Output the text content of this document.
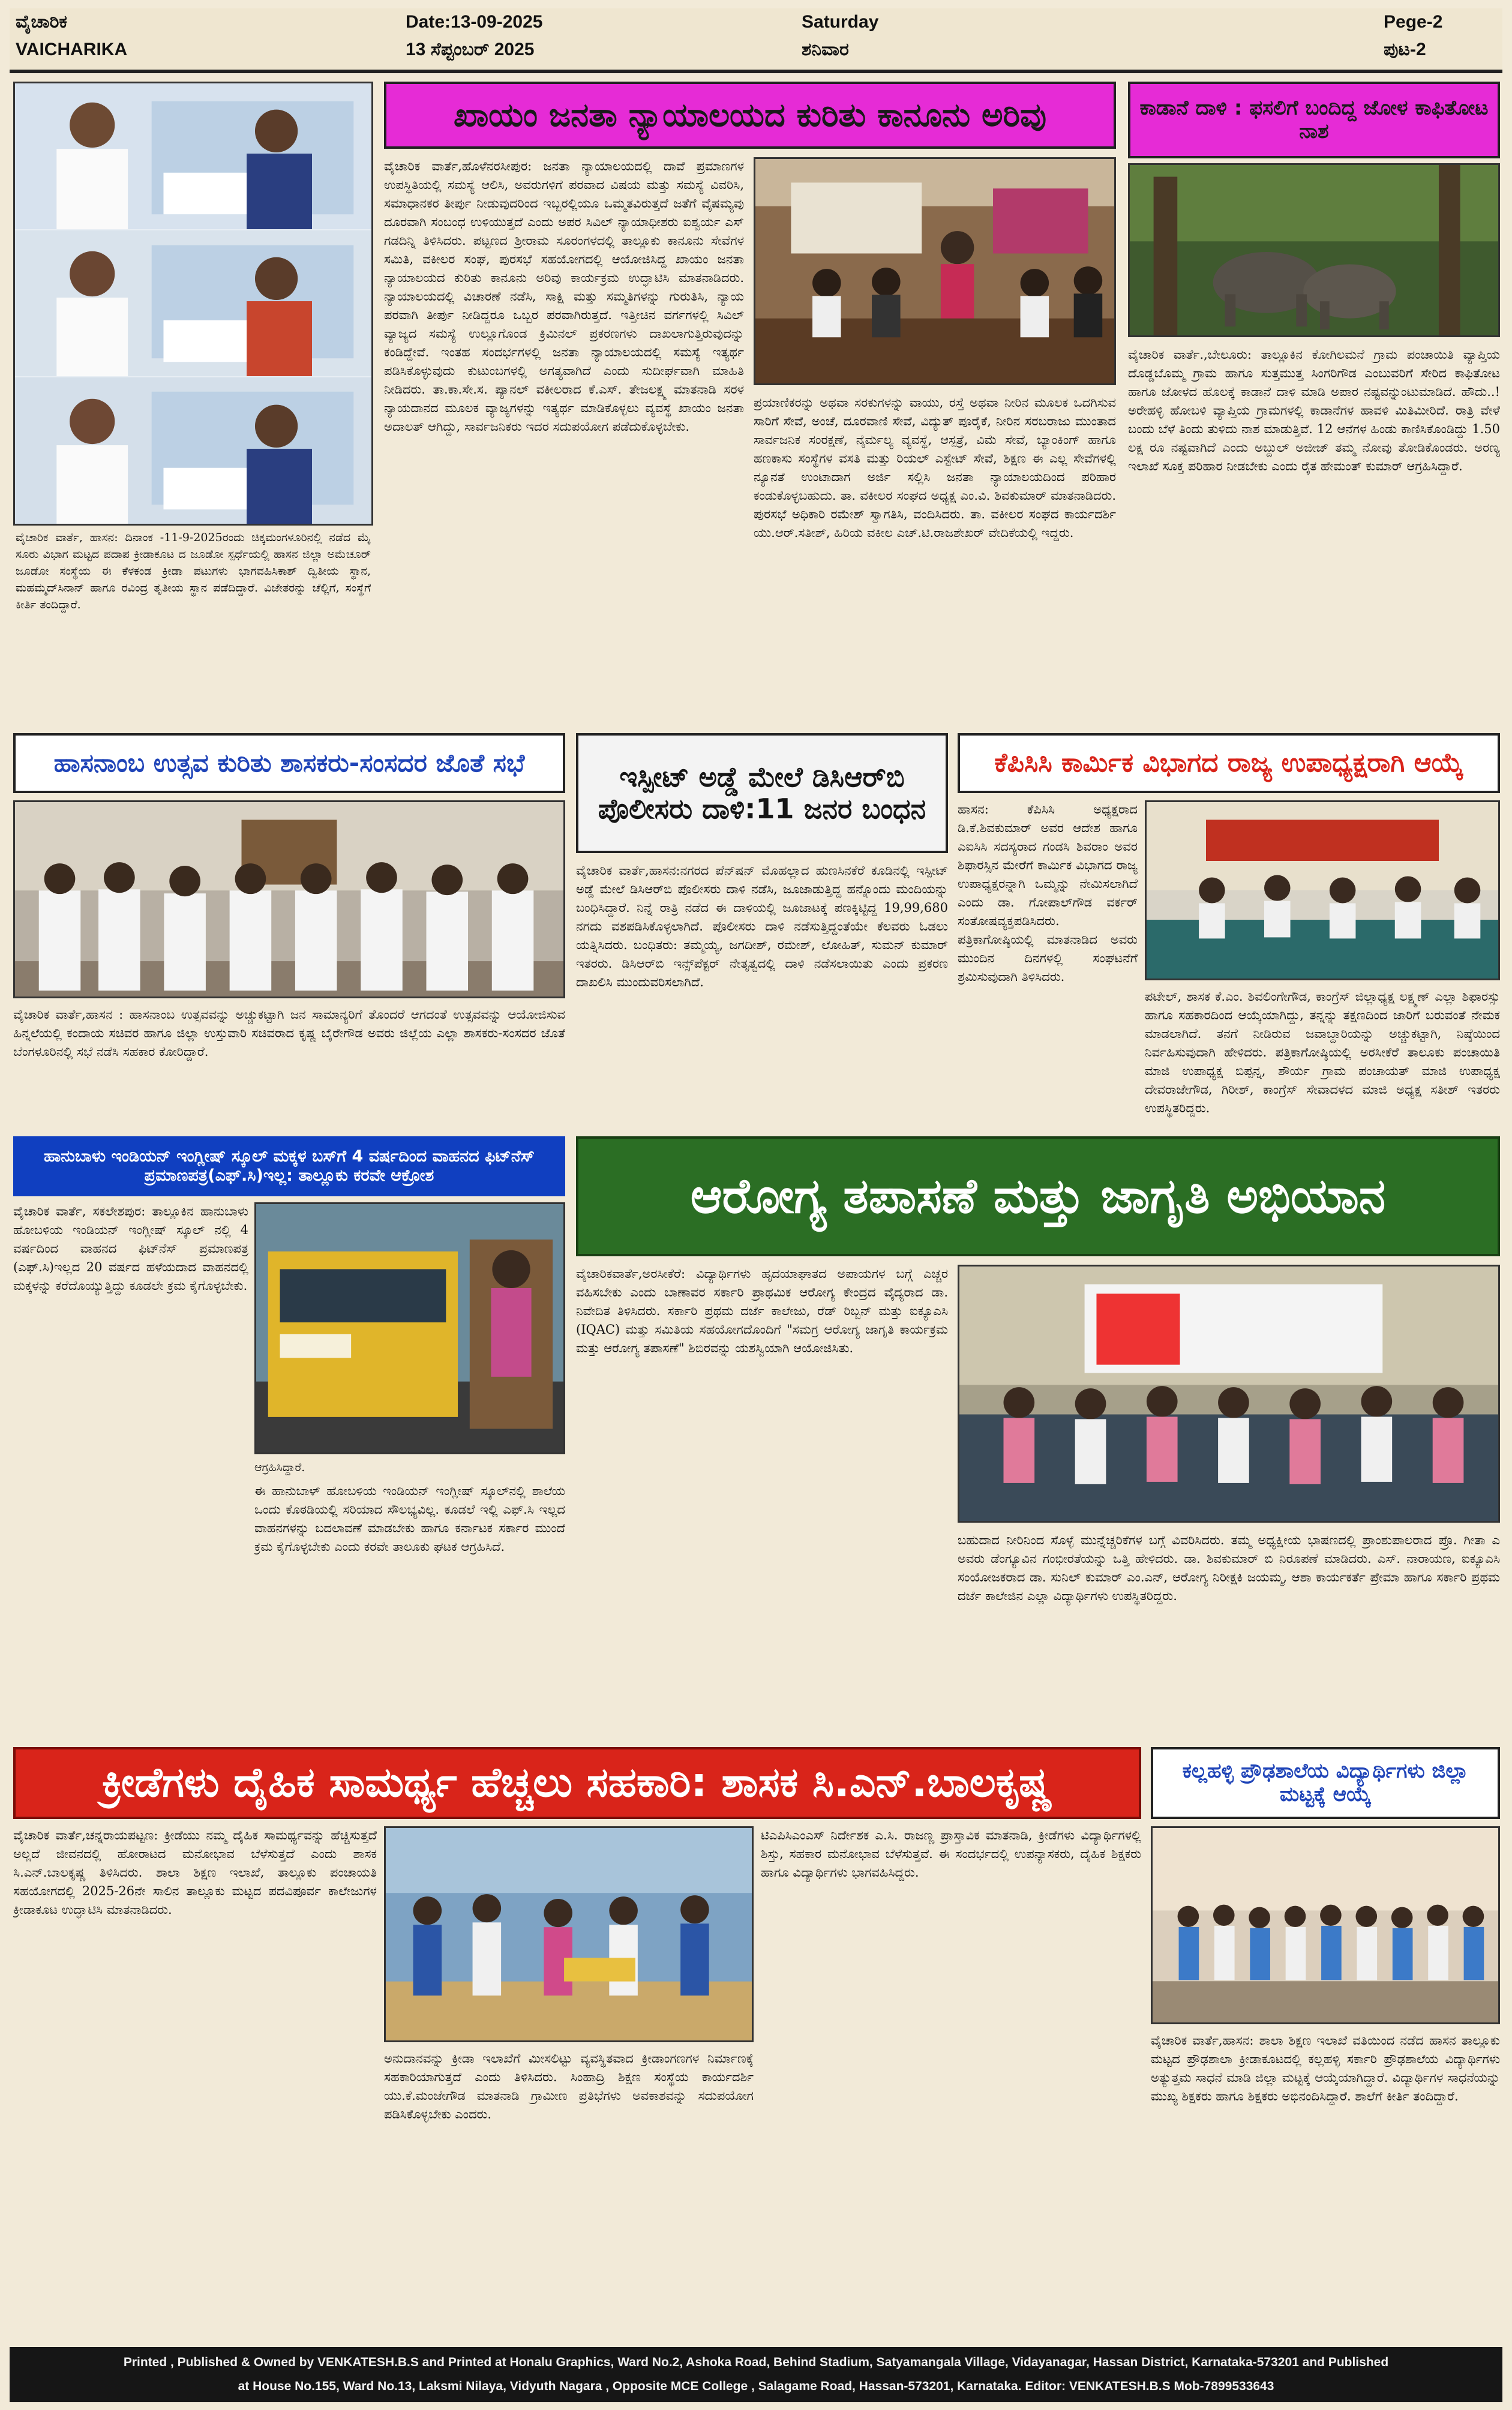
ವೈಚಾರಿಕ
VAICHARIKA
Date:13-09-2025
13 ಸೆಪ್ಟಂಬರ್ 2025
Saturday
ಶನಿವಾರ
Pege-2
ಪುಟ-2
ವೈಚಾರಿಕ ವಾರ್ತೆ, ಹಾಸನ: ದಿನಾಂಕ -11-9-2025ರಂದು ಚಿಕ್ಕಮಂಗಳೂರಿನಲ್ಲಿ ನಡೆದ ಮೈ ಸೂರು ವಿಭಾಗ ಮಟ್ಟದ ಪದಾಪ ಕ್ರೀಡಾಕೂಟ ದ ಜೂಡೋ ಸ್ಪರ್ಧೆಯಲ್ಲಿ ಹಾಸನ ಜಿಲ್ಲಾ ಅಮೆಚೂರ್ ಜೂಡೋ ಸಂಸ್ಥೆಯ ಈ ಕೆಳಕಂಡ ಕ್ರೀಡಾ ಪಟುಗಳು ಭಾಗವಹಿಸಿಕಾಶ್ ದ್ವಿತೀಯ ಸ್ಥಾನ, ಮಹಮ್ಮದ್‌ಸಿನಾನ್ ಹಾಗೂ ರವಿಂದ್ರ ತೃತೀಯ ಸ್ಥಾನ ಪಡೆದಿದ್ದಾರೆ. ವಿಜೇತರನ್ನು ಚೆಲ್ಲಿಗೆ, ಸಂಸ್ಥೆಗೆ ಕೀರ್ತಿ ತಂದಿದ್ದಾರೆ.
ಖಾಯಂ ಜನತಾ ನ್ಯಾಯಾಲಯದ ಕುರಿತು ಕಾನೂನು ಅರಿವು
ವೈಚಾರಿಕ ವಾರ್ತೆ,ಹೊಳೆನರಸೀಪುರ: ಜನತಾ ನ್ಯಾಯಾಲಯದಲ್ಲಿ ದಾವೆ ಪ್ರಮಾಣಗಳ ಉಪಸ್ಥಿತಿಯಲ್ಲಿ ಸಮಸ್ಯೆ ಆಲಿಸಿ, ಅವರುಗಳಿಗೆ ಪರವಾದ ವಿಷಯ ಮತ್ತು ಸಮಸ್ಯೆ ವಿವರಿಸಿ, ಸಮಾಧಾನಕರ ತೀರ್ಪು ನೀಡುವುದರಿಂದ ಇಬ್ಬರಲ್ಲಿಯೂ ಒಮ್ಮತವಿರುತ್ತದೆ ಜತೆಗೆ ವೈಷಮ್ಯವು ದೂರವಾಗಿ ಸಂಬಂಧ ಉಳಿಯುತ್ತದೆ ಎಂದು ಅಪರ ಸಿವಿಲ್ ನ್ಯಾಯಾಧೀಶರು ಐಶ್ವರ್ಯ ಎಸ್ ಗಡದಿನ್ನಿ ತಿಳಿಸಿದರು. ಪಟ್ಟಣದ ಶ್ರೀರಾಮ ಸೂರಂಗಳದಲ್ಲಿ ತಾಲ್ಲೂಕು ಕಾನೂನು ಸೇವೆಗಳ ಸಮಿತಿ, ವಕೀಲರ ಸಂಘ, ಪುರಸಭೆ ಸಹಯೋಗದಲ್ಲಿ ಆಯೋಜಿಸಿದ್ದ ಖಾಯಂ ಜನತಾ ನ್ಯಾಯಾಲಯದ ಕುರಿತು ಕಾನೂನು ಅರಿವು ಕಾರ್ಯಕ್ರಮ ಉದ್ಘಾಟಿಸಿ ಮಾತನಾಡಿದರು. ನ್ಯಾಯಾಲಯದಲ್ಲಿ ವಿಚಾರಣೆ ನಡೆಸಿ, ಸಾಕ್ಷಿ ಮತ್ತು ಸಮ್ಮತಿಗಳನ್ನು ಗುರುತಿಸಿ, ನ್ಯಾಯ ಪರವಾಗಿ ತೀರ್ಪು ನೀಡಿದ್ದರೂ ಒಬ್ಬರ ಪರವಾಗಿರುತ್ತದೆ. ಇತ್ತೀಚಿನ ವರ್ಗಗಳಲ್ಲಿ ಸಿವಿಲ್ ವ್ಯಾಜ್ಯದ ಸಮಸ್ಯೆ ಉಲ್ಲೂಗೊಂಡ ಕ್ರಿಮಿನಲ್ ಪ್ರಕರಣಗಳು ದಾಖಲಾಗುತ್ತಿರುವುದನ್ನು ಕಂಡಿದ್ದೇವೆ. ಇಂತಹ ಸಂದರ್ಭಗಳಲ್ಲಿ ಜನತಾ ನ್ಯಾಯಾಲಯದಲ್ಲಿ ಸಮಸ್ಯೆ ಇತ್ಯರ್ಥ ಪಡಿಸಿಕೊಳ್ಳುವುದು ಕುಟುಂಬಗಳಲ್ಲಿ ಅಗತ್ಯವಾಗಿದೆ ಎಂದು ಸುದೀರ್ಘವಾಗಿ ಮಾಹಿತಿ ನೀಡಿದರು. ತಾ.ಕಾ.ಸೇ.ಸ. ಪ್ಯಾನಲ್ ವಕೀಲರಾದ ಕೆ.ಎಸ್. ತೇಜಲಕ್ಷ್ಮ ಮಾತನಾಡಿ ಸರಳ ನ್ಯಾಯದಾನದ ಮೂಲಕ ವ್ಯಾಜ್ಯಗಳನ್ನು ಇತ್ಯರ್ಥ ಮಾಡಿಕೊಳ್ಳಲು ವ್ಯವಸ್ಥೆ ಖಾಯಂ ಜನತಾ ಅದಾಲತ್ ಆಗಿದ್ದು, ಸಾರ್ವಜನಿಕರು ಇದರ ಸದುಪಯೋಗ ಪಡೆದುಕೊಳ್ಳಬೇಕು.
ಪ್ರಯಾಣಿಕರನ್ನು ಅಥವಾ ಸರಕುಗಳನ್ನು ವಾಯು, ರಸ್ತೆ ಅಥವಾ ನೀರಿನ ಮೂಲಕ ಒದಗಿಸುವ ಸಾರಿಗೆ ಸೇವೆ, ಅಂಚೆ, ದೂರವಾಣಿ ಸೇವೆ, ವಿದ್ಯುತ್ ಪೂರೈಕೆ, ನೀರಿನ ಸರಬರಾಜು ಮುಂತಾದ ಸಾರ್ವಜನಿಕ ಸಂರಕ್ಷಣೆ, ನೈರ್ಮಲ್ಯ ವ್ಯವಸ್ಥೆ, ಆಸ್ಪತ್ರೆ, ವಿಮೆ ಸೇವೆ, ಬ್ಯಾಂಕಿಂಗ್ ಹಾಗೂ ಹಣಕಾಸು ಸಂಸ್ಥೆಗಳ ವಸತಿ ಮತ್ತು ರಿಯಲ್ ಎಸ್ಟೇಟ್ ಸೇವೆ, ಶಿಕ್ಷಣ ಈ ಎಲ್ಲ ಸೇವೆಗಳಲ್ಲಿ ನ್ಯೂನತೆ ಉಂಟಾದಾಗ ಅರ್ಜಿ ಸಲ್ಲಿಸಿ ಜನತಾ ನ್ಯಾಯಾಲಯದಿಂದ ಪರಿಹಾರ ಕಂಡುಕೊಳ್ಳಬಹುದು. ತಾ. ವಕೀಲರ ಸಂಘದ ಅಧ್ಯಕ್ಷ ಎಂ.ವಿ. ಶಿವಕುಮಾರ್ ಮಾತನಾಡಿದರು. ಪುರಸಭೆ ಅಧಿಕಾರಿ ರಮೇಶ್ ಸ್ವಾಗತಿಸಿ, ವಂದಿಸಿದರು. ತಾ. ವಕೀಲರ ಸಂಘದ ಕಾರ್ಯದರ್ಶಿ ಯು.ಆರ್.ಸತೀಶ್, ಹಿರಿಯ ವಕೀಲ ಎಚ್.ಟಿ.ರಾಜಶೇಖರ್ ವೇದಿಕೆಯಲ್ಲಿ ಇದ್ದರು.
ಕಾಡಾನೆ ದಾಳಿ : ಫಸಲಿಗೆ ಬಂದಿದ್ದ ಜೋಳ ಕಾಫಿತೋಟ ನಾಶ
ವೈಚಾರಿಕ ವಾರ್ತೆ.,ಬೇಲೂರು: ತಾಲ್ಲೂಕಿನ ಕೋಗಿಲಮನೆ ಗ್ರಾಮ ಪಂಚಾಯಿತಿ ವ್ಯಾಪ್ತಿಯ ದೊಡ್ಡಬೊಮ್ಮ ಗ್ರಾಮ ಹಾಗೂ ಸುತ್ತಮುತ್ತ ಸಿಂಗರಿಗೌಡ ಎಂಬುವರಿಗೆ ಸೇರಿದ ಕಾಫಿತೋಟ ಹಾಗೂ ಜೋಳದ ಹೊಲಕ್ಕೆ ಕಾಡಾನೆ ದಾಳಿ ಮಾಡಿ ಅಪಾರ ನಷ್ಟವನ್ನುಂಟುಮಾಡಿದೆ. ಹೌದು..! ಅರೇಹಳ್ಳಿ ಹೋಬಳಿ ವ್ಯಾಪ್ತಿಯ ಗ್ರಾಮಗಳಲ್ಲಿ ಕಾಡಾನೆಗಳ ಹಾವಳಿ ಮಿತಿಮೀರಿದೆ. ರಾತ್ರಿ ವೇಳೆ ಬಂದು ಬೆಳೆ ತಿಂದು ತುಳಿದು ನಾಶ ಮಾಡುತ್ತಿವೆ. 12 ಆನೆಗಳ ಹಿಂಡು ಕಾಣಿಸಿಕೊಂಡಿದ್ದು 1.50 ಲಕ್ಷ ರೂ ನಷ್ಟವಾಗಿದೆ ಎಂದು ಅಬ್ದುಲ್ ಅಜೀಜ್ ತಮ್ಮ ನೋವು ತೋಡಿಕೊಂಡರು. ಅರಣ್ಯ ಇಲಾಖೆ ಸೂಕ್ತ ಪರಿಹಾರ ನೀಡಬೇಕು ಎಂದು ರೈತ ಹೇಮಂತ್ ಕುಮಾರ್ ಆಗ್ರಹಿಸಿದ್ದಾರೆ.
ಹಾಸನಾಂಬ ಉತ್ಸವ ಕುರಿತು ಶಾಸಕರು-ಸಂಸದರ ಜೊತೆ ಸಭೆ
ವೈಚಾರಿಕ ವಾರ್ತೆ,ಹಾಸನ : ಹಾಸನಾಂಬ ಉತ್ಸವವನ್ನು ಅಚ್ಚುಕಟ್ಟಾಗಿ ಜನ ಸಾಮಾನ್ಯರಿಗೆ ತೊಂದರೆ ಆಗದಂತೆ ಉತ್ಸವವನ್ನು ಆಯೋಜಿಸುವ ಹಿನ್ನಲೆಯಲ್ಲಿ ಕಂದಾಯ ಸಚಿವರ ಹಾಗೂ ಜಿಲ್ಲಾ ಉಸ್ತುವಾರಿ ಸಚಿವರಾದ ಕೃಷ್ಣ ಬೈರೇಗೌಡ ಅವರು ಜಿಲ್ಲೆಯ ಎಲ್ಲಾ ಶಾಸಕರು-ಸಂಸದರ ಜೊತೆ ಬೆಂಗಳೂರಿನಲ್ಲಿ ಸಭೆ ನಡೆಸಿ ಸಹಕಾರ ಕೋರಿದ್ದಾರೆ.
ಇಸ್ಪೀಟ್ ಅಡ್ಡೆ ಮೇಲೆ ಡಿಸಿಆರ್‌ಬಿ ಪೊಲೀಸರು ದಾಳಿ:11 ಜನರ ಬಂಧನ
ವೈಚಾರಿಕ ವಾರ್ತೆ,ಹಾಸನ:ನಗರದ ಪೆನ್‌ಷನ್ ಮೊಹಲ್ಲಾದ ಹುಣಸಿನಕೆರೆ ಕೂಡಿನಲ್ಲಿ ಇಸ್ಪೀಟ್ ಅಡ್ಡೆ ಮೇಲೆ ಡಿಸಿಆರ್‌ಬಿ ಪೊಲೀಸರು ದಾಳಿ ನಡೆಸಿ, ಜೂಜಾಡುತ್ತಿದ್ದ ಹನ್ನೊಂದು ಮಂದಿಯನ್ನು ಬಂಧಿಸಿದ್ದಾರೆ. ನಿನ್ನೆ ರಾತ್ರಿ ನಡೆದ ಈ ದಾಳಿಯಲ್ಲಿ ಜೂಜಾಟಕ್ಕೆ ಪಣಕ್ಕಿಟ್ಟಿದ್ದ 19,99,680 ನಗದು ವಶಪಡಿಸಿಕೊಳ್ಳಲಾಗಿದೆ. ಪೊಲೀಸರು ದಾಳಿ ನಡೆಸುತ್ತಿದ್ದಂತೆಯೇ ಕೆಲವರು ಓಡಲು ಯತ್ನಿಸಿದರು. ಬಂಧಿತರು: ತಮ್ಮಯ್ಯ, ಜಗದೀಶ್, ರಮೇಶ್, ಲೋಹಿತ್, ಸುಮನ್ ಕುಮಾರ್ ಇತರರು. ಡಿಸಿಆರ್‌ಬಿ ಇನ್ಸ್‌ಪೆಕ್ಟರ್ ನೇತೃತ್ವದಲ್ಲಿ ದಾಳಿ ನಡೆಸಲಾಯಿತು ಎಂದು ಪ್ರಕರಣ ದಾಖಲಿಸಿ ಮುಂದುವರಿಸಲಾಗಿದೆ.
ಕೆಪಿಸಿಸಿ ಕಾರ್ಮಿಕ ವಿಭಾಗದ ರಾಜ್ಯ ಉಪಾಧ್ಯಕ್ಷರಾಗಿ ಆಯ್ಕೆ
ಹಾಸನ: ಕೆಪಿಸಿಸಿ ಅಧ್ಯಕ್ಷರಾದ ಡಿ.ಕೆ.ಶಿವಕುಮಾರ್ ಅವರ ಆದೇಶ ಹಾಗೂ ಎಐಸಿಸಿ ಸದಸ್ಯರಾದ ಗಂಡಸಿ ಶಿವರಾಂ ಅವರ ಶಿಫಾರಸ್ಸಿನ ಮೇರೆಗೆ ಕಾರ್ಮಿಕ ವಿಭಾಗದ ರಾಜ್ಯ ಉಪಾಧ್ಯಕ್ಷರನ್ನಾಗಿ ಒಮ್ಮನ್ನು ನೇಮಿಸಲಾಗಿದೆ ಎಂದು ಡಾ. ಗೋಪಾಲ್‌ಗೌಡ ವರ್ಕರ್ ಸಂತೋಷವ್ಯಕ್ತಪಡಿಸಿದರು. ಪತ್ರಿಕಾಗೋಷ್ಠಿಯಲ್ಲಿ ಮಾತನಾಡಿದ ಅವರು ಮುಂದಿನ ದಿನಗಳಲ್ಲಿ ಸಂಘಟನೆಗೆ ಶ್ರಮಿಸುವುದಾಗಿ ತಿಳಿಸಿದರು.
ಪಟೇಲ್, ಶಾಸಕ ಕೆ.ಎಂ. ಶಿವಲಿಂಗೇಗೌಡ, ಕಾಂಗ್ರೆಸ್ ಜಿಲ್ಲಾಧ್ಯಕ್ಷ ಲಕ್ಷ್ಮಣ್ ಎಲ್ಲಾ ಶಿಫಾರಸ್ಸು ಹಾಗೂ ಸಹಕಾರದಿಂದ ಆಯ್ಕೆಯಾಗಿದ್ದು, ತನ್ನನ್ನು ತಕ್ಷಣದಿಂದ ಜಾರಿಗೆ ಬರುವಂತೆ ನೇಮಕ ಮಾಡಲಾಗಿದೆ. ತನಗೆ ನೀಡಿರುವ ಜವಾಬ್ದಾರಿಯನ್ನು ಅಚ್ಚುಕಟ್ಟಾಗಿ, ನಿಷ್ಠೆಯಿಂದ ನಿರ್ವಹಿಸುವುದಾಗಿ ಹೇಳಿದರು. ಪತ್ರಿಕಾಗೋಷ್ಠಿಯಲ್ಲಿ ಅರಸೀಕೆರೆ ತಾಲೂಕು ಪಂಚಾಯಿತಿ ಮಾಜಿ ಉಪಾಧ್ಯಕ್ಷ ಬಿಪ್ಪನ್ನ, ಶೌರ್ಯ ಗ್ರಾಮ ಪಂಚಾಯತ್ ಮಾಜಿ ಉಪಾಧ್ಯಕ್ಷ ದೇವರಾಜೇಗೌಡ, ಗಿರೀಶ್, ಕಾಂಗ್ರೆಸ್ ಸೇವಾದಳದ ಮಾಜಿ ಅಧ್ಯಕ್ಷ ಸತೀಶ್ ಇತರರು ಉಪಸ್ಥಿತರಿದ್ದರು.
ಹಾನುಬಾಳು ಇಂಡಿಯನ್ ಇಂಗ್ಲೀಷ್ ಸ್ಕೂಲ್ ಮಕ್ಕಳ ಬಸ್‌ಗೆ 4 ವರ್ಷದಿಂದ ವಾಹನದ ಫಿಟ್‌ನೆಸ್ ಪ್ರಮಾಣಪತ್ರ(ಎಫ್.ಸಿ)ಇಲ್ಲ: ತಾಲ್ಲೂಕು ಕರವೇ ಆಕ್ರೋಶ
ವೈಚಾರಿಕ ವಾರ್ತೆ, ಸಕಲೇಶಪುರ: ತಾಲ್ಲೂಕಿನ ಹಾನುಬಾಳು ಹೋಬಳಿಯ ಇಂಡಿಯನ್ ಇಂಗ್ಲೀಷ್ ಸ್ಕೂಲ್ ನಲ್ಲಿ 4 ವರ್ಷದಿಂದ ವಾಹನದ ಫಿಟ್‌ನೆಸ್ ಪ್ರಮಾಣಪತ್ರ (ಎಫ್.ಸಿ)ಇಲ್ಲದ 20 ವರ್ಷದ ಹಳೆಯದಾದ ವಾಹನದಲ್ಲಿ ಮಕ್ಕಳನ್ನು ಕರೆದೊಯ್ಯುತ್ತಿದ್ದು ಕೂಡಲೇ ಕ್ರಮ ಕೈಗೊಳ್ಳಬೇಕು.
ಆಗ್ರಹಿಸಿದ್ದಾರೆ.
ಈ ಹಾನುಬಾಳ್ ಹೋಬಳಿಯ ಇಂಡಿಯನ್ ಇಂಗ್ಲೀಷ್ ಸ್ಕೂಲ್‌ನಲ್ಲಿ ಶಾಲೆಯ ಒಂದು ಕೊಠಡಿಯಲ್ಲಿ ಸರಿಯಾದ ಸೌಲಭ್ಯವಿಲ್ಲ. ಕೂಡಲೆ ಇಲ್ಲಿ ಎಫ್.ಸಿ ಇಲ್ಲದ ವಾಹನಗಳನ್ನು ಬದಲಾವಣೆ ಮಾಡಬೇಕು ಹಾಗೂ ಕರ್ನಾಟಕ ಸರ್ಕಾರ ಮುಂದೆ ಕ್ರಮ ಕೈಗೊಳ್ಳಬೇಕು ಎಂದು ಕರವೇ ತಾಲೂಕು ಘಟಕ ಆಗ್ರಹಿಸಿದೆ.
ಆರೋಗ್ಯ ತಪಾಸಣೆ ಮತ್ತು ಜಾಗೃತಿ ಅಭಿಯಾನ
ವೈಚಾರಿಕವಾರ್ತೆ,ಅರಸೀಕೆರೆ: ವಿದ್ಯಾರ್ಥಿಗಳು ಹೃದಯಾಘಾತದ ಅಪಾಯಗಳ ಬಗ್ಗೆ ಎಚ್ಚರ ವಹಿಸಬೇಕು ಎಂದು ಬಾಣಾವರ ಸರ್ಕಾರಿ ಪ್ರಾಥಮಿಕ ಆರೋಗ್ಯ ಕೇಂದ್ರದ ವೈದ್ಯರಾದ ಡಾ. ನಿವೇದಿತ ತಿಳಿಸಿದರು. ಸರ್ಕಾರಿ ಪ್ರಥಮ ದರ್ಜೆ ಕಾಲೇಜು, ರೆಡ್ ರಿಬ್ಬನ್ ಮತ್ತು ಐಕ್ಯೂಎಸಿ (IQAC) ಮತ್ತು ಸಮಿತಿಯ ಸಹಯೋಗದೊಂದಿಗೆ "ಸಮಗ್ರ ಆರೋಗ್ಯ ಜಾಗೃತಿ ಕಾರ್ಯಕ್ರಮ ಮತ್ತು ಆರೋಗ್ಯ ತಪಾಸಣೆ" ಶಿಬಿರವನ್ನು ಯಶಸ್ವಿಯಾಗಿ ಆಯೋಜಿಸಿತು.
ಬಹುದಾದ ನೀರಿನಿಂದ ಸೊಳ್ಳೆ ಮುನ್ನೆಚ್ಚರಿಕೆಗಳ ಬಗ್ಗೆ ವಿವರಿಸಿದರು. ತಮ್ಮ ಅಧ್ಯಕ್ಷೀಯ ಭಾಷಣದಲ್ಲಿ ಪ್ರಾಂಶುಪಾಲರಾದ ಪ್ರೊ. ಗೀತಾ ಎ ಅವರು ಡೆಂಗ್ಯೂವಿನ ಗಂಭೀರತೆಯನ್ನು ಒತ್ತಿ ಹೇಳಿದರು. ಡಾ. ಶಿವಕುಮಾರ್ ಬಿ ನಿರೂಪಣೆ ಮಾಡಿದರು. ಎಸ್. ನಾರಾಯಣ, ಐಕ್ಯೂಎಸಿ ಸಂಯೋಜಕರಾದ ಡಾ. ಸುನಿಲ್ ಕುಮಾರ್ ಎಂ.ಎನ್, ಆರೋಗ್ಯ ನಿರೀಕ್ಷಕಿ ಜಯಮ್ಮ, ಆಶಾ ಕಾರ್ಯಕರ್ತೆ ಪ್ರೇಮಾ ಹಾಗೂ ಸರ್ಕಾರಿ ಪ್ರಥಮ ದರ್ಜೆ ಕಾಲೇಜಿನ ಎಲ್ಲಾ ವಿದ್ಯಾರ್ಥಿಗಳು ಉಪಸ್ಥಿತರಿದ್ದರು.
ಕ್ರೀಡೆಗಳು ದೈಹಿಕ ಸಾಮರ್ಥ್ಯ ಹೆಚ್ಚಲು ಸಹಕಾರಿ: ಶಾಸಕ ಸಿ.ಎನ್.ಬಾಲಕೃಷ್ಣ
ವೈಚಾರಿಕ ವಾರ್ತೆ,ಚನ್ನರಾಯಪಟ್ಟಣ: ಕ್ರೀಡೆಯು ನಮ್ಮ ದೈಹಿಕ ಸಾಮರ್ಥ್ಯವನ್ನು ಹೆಚ್ಚಿಸುತ್ತದೆ ಅಲ್ಲದೆ ಜೀವನದಲ್ಲಿ ಹೋರಾಟದ ಮನೋಭಾವ ಬೆಳೆಸುತ್ತದೆ ಎಂದು ಶಾಸಕ ಸಿ.ಎನ್.ಬಾಲಕೃಷ್ಣ ತಿಳಿಸಿದರು. ಶಾಲಾ ಶಿಕ್ಷಣ ಇಲಾಖೆ, ತಾಲ್ಲೂಕು ಪಂಚಾಯತಿ ಸಹಯೋಗದಲ್ಲಿ 2025-26ನೇ ಸಾಲಿನ ತಾಲ್ಲೂಕು ಮಟ್ಟದ ಪದವಿಪೂರ್ವ ಕಾಲೇಜುಗಳ ಕ್ರೀಡಾಕೂಟ ಉದ್ಘಾಟಿಸಿ ಮಾತನಾಡಿದರು.
ಅನುದಾನವನ್ನು ಕ್ರೀಡಾ ಇಲಾಖೆಗೆ ಮೀಸಲಿಟ್ಟು ವ್ಯವಸ್ಥಿತವಾದ ಕ್ರೀಡಾಂಗಣಗಳ ನಿರ್ಮಾಣಕ್ಕೆ ಸಹಕಾರಿಯಾಗುತ್ತದೆ ಎಂದು ತಿಳಿಸಿದರು. ಸಿಂಹಾದ್ರಿ ಶಿಕ್ಷಣ ಸಂಸ್ಥೆಯ ಕಾರ್ಯದರ್ಶಿ ಯು.ಕೆ.ಮಂಜೇಗೌಡ ಮಾತನಾಡಿ ಗ್ರಾಮೀಣ ಪ್ರತಿಭೆಗಳು ಅವಕಾಶವನ್ನು ಸದುಪಯೋಗ ಪಡಿಸಿಕೊಳ್ಳಬೇಕು ಎಂದರು.
ಟಿಎಪಿಸಿಎಂಎಸ್ ನಿರ್ದೇಶಕ ಎ.ಸಿ. ರಾಜಣ್ಣ ಪ್ರಾಸ್ತಾವಿಕ ಮಾತನಾಡಿ, ಕ್ರೀಡೆಗಳು ವಿದ್ಯಾರ್ಥಿಗಳಲ್ಲಿ ಶಿಸ್ತು, ಸಹಕಾರ ಮನೋಭಾವ ಬೆಳೆಸುತ್ತವೆ. ಈ ಸಂದರ್ಭದಲ್ಲಿ ಉಪನ್ಯಾಸಕರು, ದೈಹಿಕ ಶಿಕ್ಷಕರು ಹಾಗೂ ವಿದ್ಯಾರ್ಥಿಗಳು ಭಾಗವಹಿಸಿದ್ದರು.
ಕಲ್ಲಹಳ್ಳಿ ಪ್ರೌಢಶಾಲೆಯ ವಿದ್ಯಾರ್ಥಿಗಳು ಜಿಲ್ಲಾ ಮಟ್ಟಕ್ಕೆ ಆಯ್ಕೆ
ವೈಚಾರಿಕ ವಾರ್ತೆ,ಹಾಸನ: ಶಾಲಾ ಶಿಕ್ಷಣ ಇಲಾಖೆ ವತಿಯಿಂದ ನಡೆದ ಹಾಸನ ತಾಲ್ಲೂಕು ಮಟ್ಟದ ಪ್ರೌಢಶಾಲಾ ಕ್ರೀಡಾಕೂಟದಲ್ಲಿ ಕಲ್ಲಹಳ್ಳಿ ಸರ್ಕಾರಿ ಪ್ರೌಢಶಾಲೆಯ ವಿದ್ಯಾರ್ಥಿಗಳು ಅತ್ಯುತ್ತಮ ಸಾಧನೆ ಮಾಡಿ ಜಿಲ್ಲಾ ಮಟ್ಟಕ್ಕೆ ಆಯ್ಕೆಯಾಗಿದ್ದಾರೆ. ವಿದ್ಯಾರ್ಥಿಗಳ ಸಾಧನೆಯನ್ನು ಮುಖ್ಯ ಶಿಕ್ಷಕರು ಹಾಗೂ ಶಿಕ್ಷಕರು ಅಭಿನಂದಿಸಿದ್ದಾರೆ. ಶಾಲೆಗೆ ಕೀರ್ತಿ ತಂದಿದ್ದಾರೆ.
Printed , Published & Owned by VENKATESH.B.S and Printed at Honalu Graphics, Ward No.2, Ashoka Road, Behind Stadium, Satyamangala Village, Vidayanagar, Hassan District, Karnataka-573201 and Published
at House No.155, Ward No.13, Laksmi Nilaya, Vidyuth Nagara , Opposite MCE College , Salagame Road, Hassan-573201, Karnataka. Editor: VENKATESH.B.S Mob-7899533643
